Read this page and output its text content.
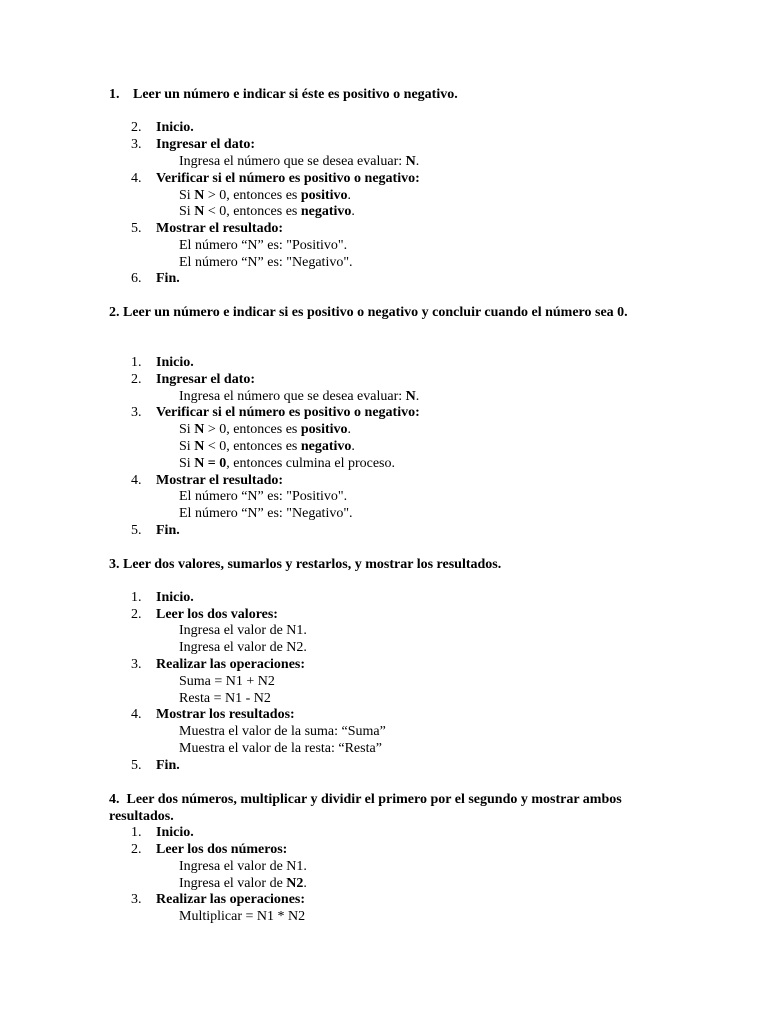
1. Leer un número e indicar si éste es positivo o negativo.

2.	Inicio.
3.	Ingresar el dato:
Ingresa el número que se desea evaluar: N.
4.	Verificar si el número es positivo o negativo:
Si N > 0, entonces es positivo.
Si N < 0, entonces es negativo.
5.	Mostrar el resultado:
El número “N” es: "Positivo".
El número “N” es: "Negativo".
6.	Fin.

2. Leer un número e indicar si es positivo o negativo y concluir cuando el número sea 0.

1.	Inicio.
2.	Ingresar el dato:
Ingresa el número que se desea evaluar: N.
3.	Verificar si el número es positivo o negativo:
Si N > 0, entonces es positivo.
Si N < 0, entonces es negativo.
Si N = 0, entonces culmina el proceso.
4.	Mostrar el resultado:
El número “N” es: "Positivo".
El número “N” es: "Negativo".
5.	Fin.

3. Leer dos valores, sumarlos y restarlos, y mostrar los resultados.

1.	Inicio.
2.	Leer los dos valores:
Ingresa el valor de N1.
Ingresa el valor de N2.
3.	Realizar las operaciones:
Suma = N1 + N2
Resta = N1 - N2
4.	Mostrar los resultados:
Muestra el valor de la suma: “Suma”
Muestra el valor de la resta: “Resta”
5.	Fin.

4. Leer dos números, multiplicar y dividir el primero por el segundo y mostrar ambos resultados.

1.	Inicio.
2.	Leer los dos números:
Ingresa el valor de N1.
Ingresa el valor de N2.
3.	Realizar las operaciones:
Multiplicar = N1 * N2
